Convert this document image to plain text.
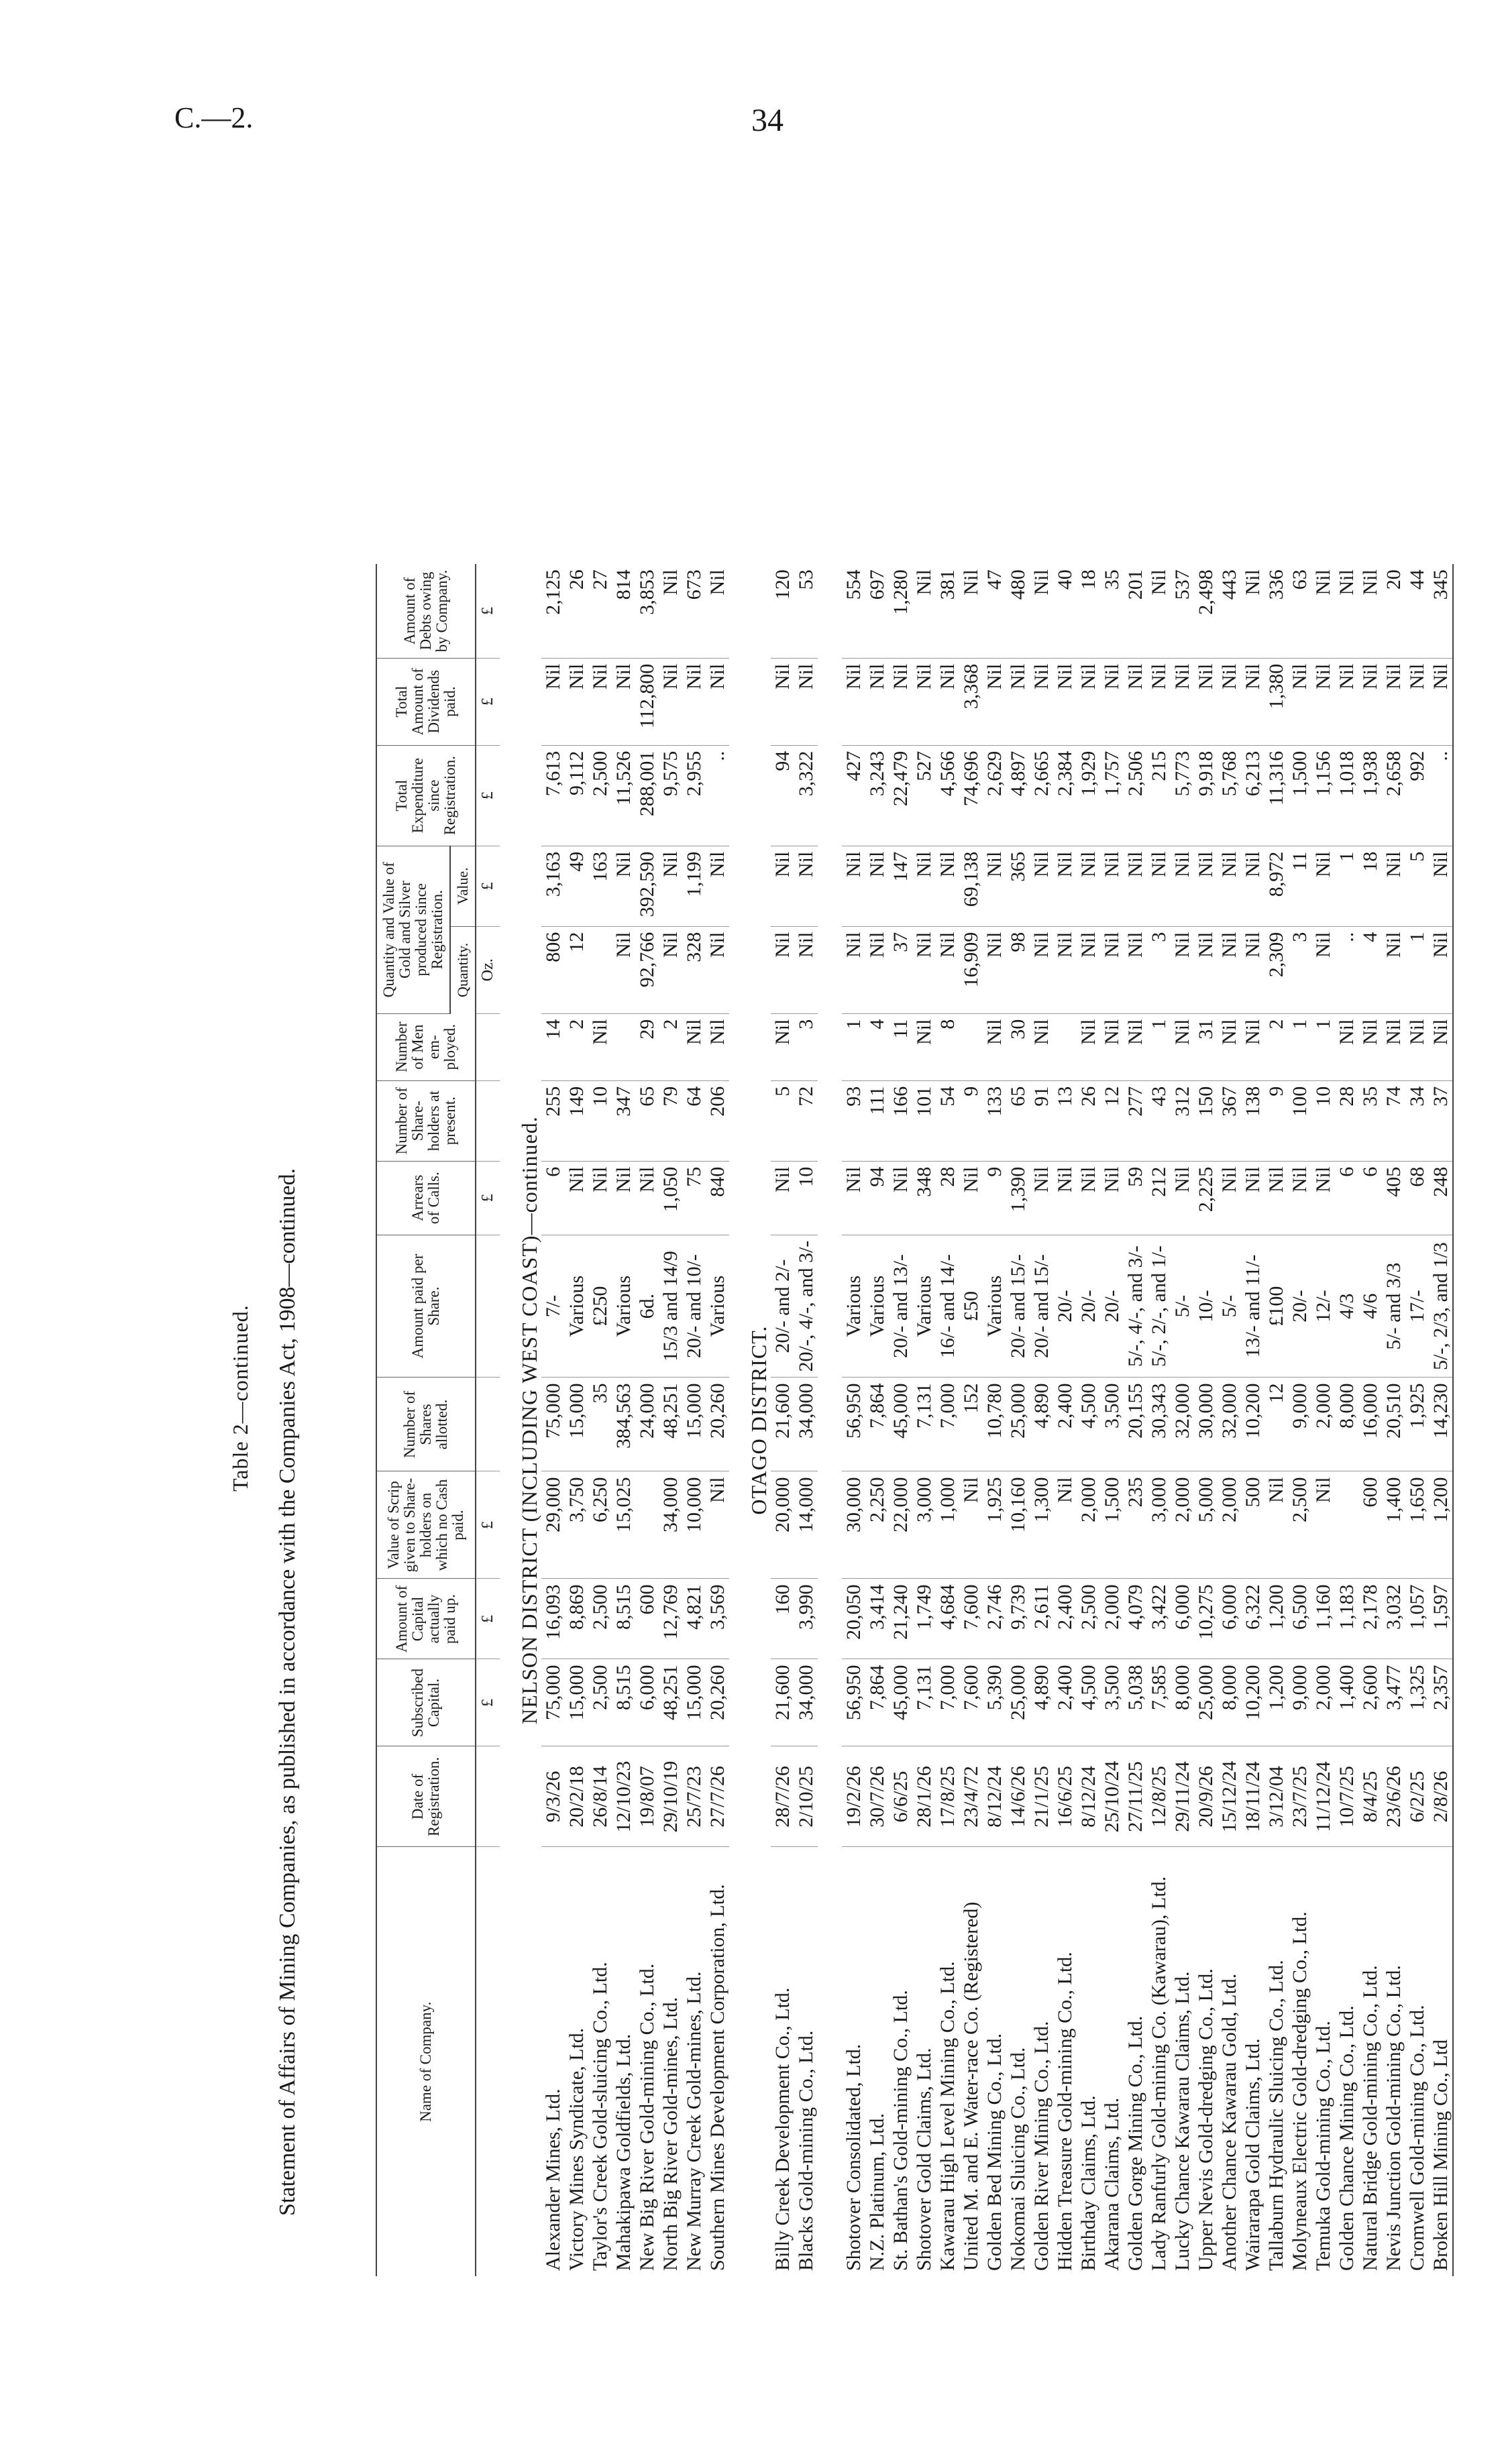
C.—2.	34
Table 2—continued. Statement of Affairs of Mining Companies, as published in accordance with the Companies Act, 1908—continued.	Name of Company.	Date of Registration.	Subscribed Capital.	Amount of Capital actually paid up.	Value of Scrip given to Share-holders on which no Cash paid.	Number of Shares allotted.	Amount paid per Share.	Arrears of Calls.	Number of Share-holders at present.	Number of Men em-ployed.	Quantity and Value of Gold and Silver produced since Registration.		Total Expenditure since Registration.	Total Amount of Dividends paid.	Amount of Debts owing by Company.
										Quantity.	Value.			
		£	£	£			£			Oz.	£	£	£	£
NELSON DISTRICT (INCLUDING WEST COAST)—continued.														
Alexander Mines, Ltd.	9/3/26	75,000	16,093	29,000	75,000	7/-	6	255	14	806	3,163	7,613	Nil	2,125
Victory Mines Syndicate, Ltd.	20/2/18	15,000	8,869	3,750	15,000	Various	Nil	149	2	12	49	9,112	Nil	26
Taylor's Creek Gold-sluicing Co., Ltd.	26/8/14	2,500	2,500	6,250	35	£250	Nil	10	Nil		163	2,500	Nil	27
Mahakipawa Goldfields, Ltd.	12/10/23	8,515	8,515	15,025	384,563	Various	Nil	347		Nil	Nil	11,526	Nil	814
New Big River Gold-mining Co., Ltd.	19/8/07	6,000	600		24,000	6d.	Nil	65	29	92,766	392,590	288,001	112,800	3,853
North Big River Gold-mines, Ltd.	29/10/19	48,251	12,769	34,000	48,251	15/3 and 14/9	1,050	79	2	Nil	Nil	9,575	Nil	Nil
New Murray Creek Gold-mines, Ltd.	25/7/23	15,000	4,821	10,000	15,000	20/- and 10/-	75	64	Nil	328	1,199	2,955	Nil	673
Southern Mines Development Corporation, Ltd.	27/7/26	20,260	3,569	Nil	20,260	Various	840	206	Nil	Nil	Nil	..	Nil	Nil
OTAGO DISTRICT.														
Billy Creek Development Co., Ltd.	28/7/26	21,600	160	20,000	21,600	20/- and 2/-	Nil	5	Nil	Nil	Nil	94	Nil	120
Blacks Gold-mining Co., Ltd.	2/10/25	34,000	3,990	14,000	34,000	20/-, 4/-, and 3/-	10	72	3	Nil	Nil	3,322	Nil	53

Shotover Consolidated, Ltd.	19/2/26	56,950	20,050	30,000	56,950	Various	Nil	93	1	Nil	Nil	427	Nil	554
N.Z. Platinum, Ltd.	30/7/26	7,864	3,414	2,250	7,864	Various	94	111	4	Nil	Nil	3,243	Nil	697
St. Bathan's Gold-mining Co., Ltd.	6/6/25	45,000	21,240	22,000	45,000	20/- and 13/-	Nil	166	11	37	147	22,479	Nil	1,280
Shotover Gold Claims, Ltd.	28/1/26	7,131	1,749	3,000	7,131	Various	348	101	Nil	Nil	Nil	527	Nil	Nil
Kawarau High Level Mining Co., Ltd.	17/8/25	7,000	4,684	1,000	7,000	16/- and 14/-	28	54	8	Nil	Nil	4,566	Nil	381
United M. and E. Water-race Co. (Registered)	23/4/72	7,600	7,600	Nil	152	£50	Nil	9		16,909	69,138	74,696	3,368	Nil
Golden Bed Mining Co., Ltd.	8/12/24	5,390	2,746	1,925	10,780	Various	9	133	Nil	Nil	Nil	2,629	Nil	47
Nokomai Sluicing Co., Ltd.	14/6/26	25,000	9,739	10,160	25,000	20/- and 15/-	1,390	65	30	98	365	4,897	Nil	480
Golden River Mining Co., Ltd.	21/1/25	4,890	2,611	1,300	4,890	20/- and 15/-	Nil	91	Nil	Nil	Nil	2,665	Nil	Nil
Hidden Treasure Gold-mining Co., Ltd.	16/6/25	2,400	2,400	Nil	2,400	20/-	Nil	13		Nil	Nil	2,384	Nil	40
Birthday Claims, Ltd.	8/12/24	4,500	2,500	2,000	4,500	20/-	Nil	26	Nil	Nil	Nil	1,929	Nil	18
Akarana Claims, Ltd.	25/10/24	3,500	2,000	1,500	3,500	20/-	Nil	12	Nil	Nil	Nil	1,757	Nil	35
Golden Gorge Mining Co., Ltd.	27/11/25	5,038	4,079	235	20,155	5/-, 4/-, and 3/-	59	277	Nil	Nil	Nil	2,506	Nil	201
Lady Ranfurly Gold-mining Co. (Kawarau), Ltd.	12/8/25	7,585	3,422	3,000	30,343	5/-, 2/-, and 1/-	212	43	1	3	Nil	215	Nil	Nil
Lucky Chance Kawarau Claims, Ltd.	29/11/24	8,000	6,000	2,000	32,000	5/-	Nil	312	Nil	Nil	Nil	5,773	Nil	537
Upper Nevis Gold-dredging Co., Ltd.	20/9/26	25,000	10,275	5,000	30,000	10/-	2,225	150	31	Nil	Nil	9,918	Nil	2,498
Another Chance Kawarau Gold, Ltd.	15/12/24	8,000	6,000	2,000	32,000	5/-	Nil	367	Nil	Nil	Nil	5,768	Nil	443
Wairarapa Gold Claims, Ltd.	18/11/24	10,200	6,322	500	10,200	13/- and 11/-	Nil	138	Nil	Nil	Nil	6,213	Nil	Nil
Tallaburn Hydraulic Sluicing Co., Ltd.	3/12/04	1,200	1,200	Nil	12	£100	Nil	9	2	2,309	8,972	11,316	1,380	336
Molyneaux Electric Gold-dredging Co., Ltd.	23/7/25	9,000	6,500	2,500	9,000	20/-	Nil	100	1	3	11	1,500	Nil	63
Temuka Gold-mining Co., Ltd.	11/12/24	2,000	1,160	Nil	2,000	12/-	Nil	10	1	Nil	Nil	1,156	Nil	Nil
Golden Chance Mining Co., Ltd.	10/7/25	1,400	1,183		8,000	4/3	6	28	Nil	..	1	1,018	Nil	Nil
Natural Bridge Gold-mining Co., Ltd.	8/4/25	2,600	2,178	600	16,000	4/6	6	35	Nil	4	18	1,938	Nil	Nil
Nevis Junction Gold-mining Co., Ltd.	23/6/26	3,477	3,032	1,400	20,510	5/- and 3/3	405	74	Nil	Nil	Nil	2,658	Nil	20
Cromwell Gold-mining Co., Ltd.	6/2/25	1,325	1,057	1,650	1,925	17/-	68	34	Nil	1	5	992	Nil	44
Broken Hill Mining Co., Ltd	2/8/26	2,357	1,597	1,200	14,230	5/-, 2/3, and 1/3	248	37	Nil	Nil	Nil	..	Nil	345
